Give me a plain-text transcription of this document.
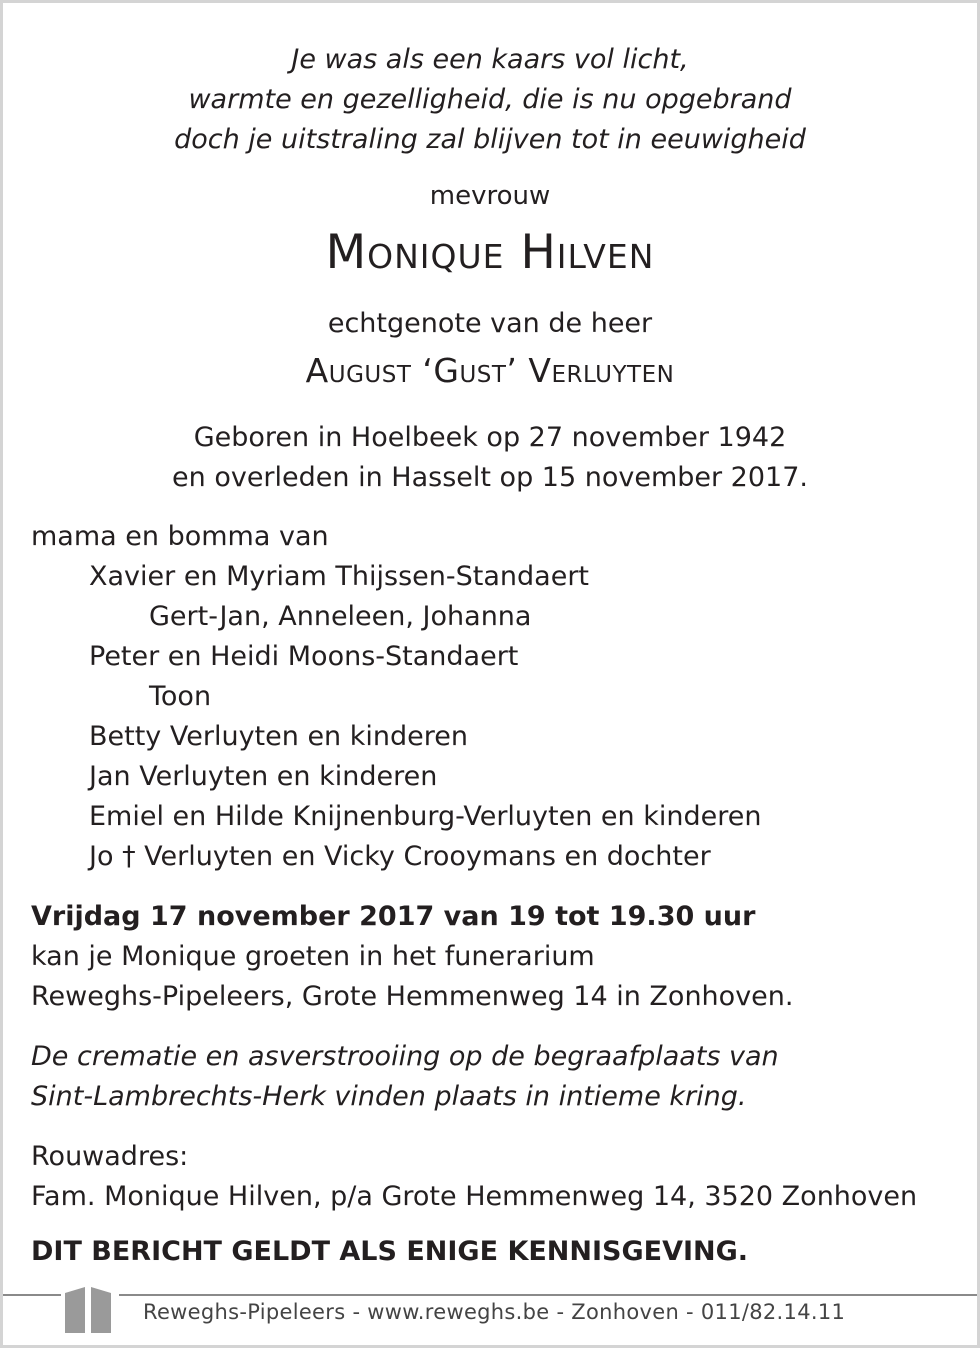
Je was als een kaars vol licht,
warmte en gezelligheid, die is nu opgebrand
doch je uitstraling zal blijven tot in eeuwigheid
mevrouw
Monique Hilven
echtgenote van de heer
August ‘Gust’ Verluyten
Geboren in Hoelbeek op 27 november 1942
en overleden in Hasselt op 15 november 2017.
mama en bomma van
Xavier en Myriam Thijssen-Standaert
Gert-Jan, Anneleen, Johanna
Peter en Heidi Moons-Standaert
Toon
Betty Verluyten en kinderen
Jan Verluyten en kinderen
Emiel en Hilde Knijnenburg-Verluyten en kinderen
Jo † Verluyten en Vicky Crooymans en dochter
Vrijdag 17 november 2017 van 19 tot 19.30 uur
kan je Monique groeten in het funerarium
Reweghs-Pipeleers, Grote Hemmenweg 14 in Zonhoven.
De crematie en asverstrooiing op de begraafplaats van
Sint-Lambrechts-Herk vinden plaats in intieme kring.
Rouwadres:
Fam. Monique Hilven, p/a Grote Hemmenweg 14, 3520 Zonhoven
DIT BERICHT GELDT ALS ENIGE KENNISGEVING.
Reweghs-Pipeleers - www.reweghs.be - Zonhoven - 011/82.14.11
